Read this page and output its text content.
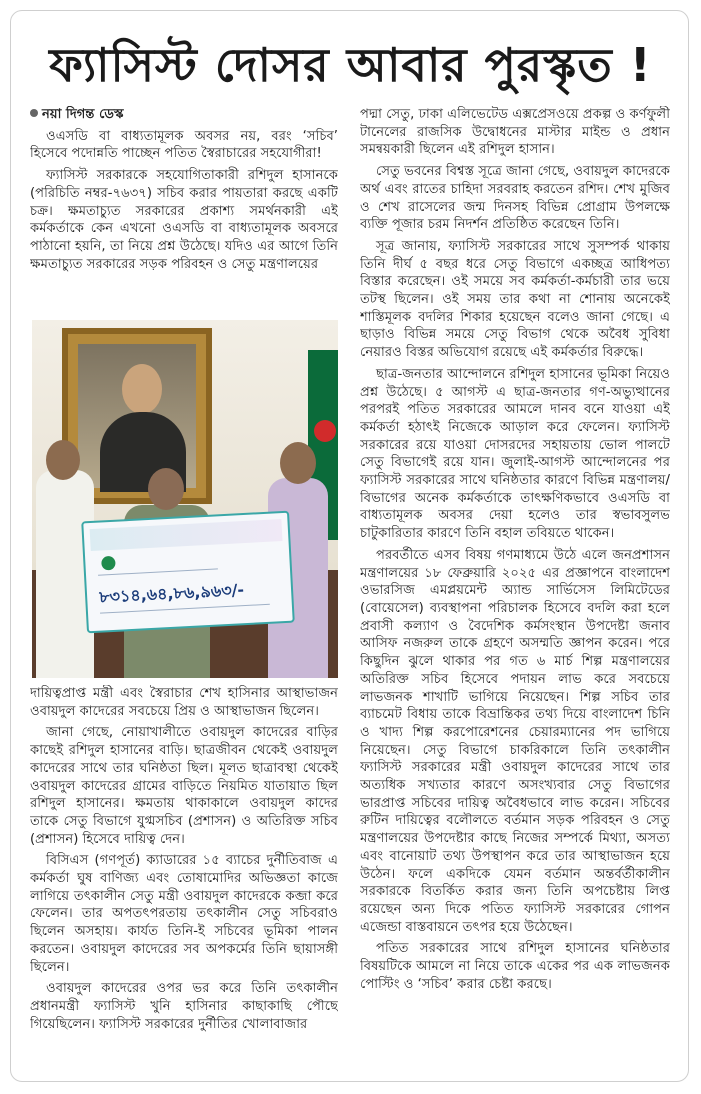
ফ্যাসিস্ট দোসর আবার পুরস্কৃত !
নয়া দিগন্ত ডেস্ক

ওএসডি বা বাধ্যতামূলক অবসর নয়, বরং ‘সচিব’ হিসেবে পদোন্নতি পাচ্ছেন পতিত স্বৈরাচারের সহযোগীরা!

ফ্যাসিস্ট সরকারকে সহযোগিতাকারী রশিদুল হাসানকে (পরিচিতি নম্বর-৭৬৩৭) সচিব করার পায়তারা করছে একটি চক্র। ক্ষমতাচ্যুত সরকারের প্রকাশ্য সমর্থনকারী এই কর্মকর্তাকে কেন এখনো ওএসডি বা বাধ্যতামূলক অবসরে পাঠানো হয়নি, তা নিয়ে প্রশ্ন উঠেছে। যদিও এর আগে তিনি ক্ষমতাচ্যুত সরকারের সড়ক পরিবহন ও সেতু মন্ত্রণালয়ের

৮৩১৪,৬৪,৮৬,৯৬৩/-

দায়িত্বপ্রাপ্ত মন্ত্রী এবং স্বৈরাচার শেখ হাসিনার আস্থাভাজন ওবায়দুল কাদেরের সবচেয়ে প্রিয় ও আস্থাভাজন ছিলেন।

জানা গেছে, নোয়াখালীতে ওবায়দুল কাদেরের বাড়ির কাছেই রশিদুল হাসানের বাড়ি। ছাত্রজীবন থেকেই ওবায়দুল কাদেরের সাথে তার ঘনিষ্ঠতা ছিল। মূলত ছাত্রাবস্থা থেকেই ওবায়দুল কাদেরের গ্রামের বাড়িতে নিয়মিত যাতায়াত ছিল রশিদুল হাসানের। ক্ষমতায় থাকাকালে ওবায়দুল কাদের তাকে সেতু বিভাগে যুগ্মসচিব (প্রশাসন) ও অতিরিক্ত সচিব (প্রশাসন) হিসেবে দায়িত্ব দেন।

বিসিএস (গণপূর্ত) ক্যাডারের ১৫ ব্যাচের দুর্নীতিবাজ এ কর্মকর্তা ঘুষ বাণিজ্য এবং তোষামোদির অভিজ্ঞতা কাজে লাগিয়ে তৎকালীন সেতু মন্ত্রী ওবায়দুল কাদেরকে কব্জা করে ফেলেন। তার অপতৎপরতায় তৎকালীন সেতু সচিবরাও ছিলেন অসহায়। কার্যত তিনি-ই সচিবের ভূমিকা পালন করতেন। ওবায়দুল কাদেরের সব অপকর্মের তিনি ছায়াসঙ্গী ছিলেন।

ওবায়দুল কাদেরের ওপর ভর করে তিনি তৎকালীন প্রধানমন্ত্রী ফ্যাসিস্ট খুনি হাসিনার কাছাকাছি পৌছে গিয়েছিলেন। ফ্যাসিস্ট সরকারের দুর্নীতির খোলাবাজার

পদ্মা সেতু, ঢাকা এলিভেটেড এক্সপ্রেসওয়ে প্রকল্প ও কর্ণফুলী টানেলের রাজসিক উদ্বোধনের মাস্টার মাইন্ড ও প্রধান সমন্বয়কারী ছিলেন এই রশিদুল হাসান।

সেতু ভবনের বিশ্বস্ত সূত্রে জানা গেছে, ওবায়দুল কাদেরকে অর্থ এবং রাতের চাহিদা সরবরাহ করতেন রশিদ। শেখ মুজিব ও শেখ রাসেলের জন্ম দিনসহ বিভিন্ন প্রোগ্রাম উপলক্ষে ব্যক্তি পূজার চরম নিদর্শন প্রতিষ্ঠিত করেছেন তিনি।

সূত্র জানায়, ফ্যাসিস্ট সরকারের সাথে সুসম্পর্ক থাকায় তিনি দীর্ঘ ৫ বছর ধরে সেতু বিভাগে একচ্ছত্র আধিপত্য বিস্তার করেছেন। ওই সময়ে সব কর্মকর্তা-কর্মচারী তার ভয়ে তটস্থ ছিলেন। ওই সময় তার কথা না শোনায় অনেকেই শাস্তিমূলক বদলির শিকার হয়েছেন বলেও জানা গেছে। এ ছাড়াও বিভিন্ন সময়ে সেতু বিভাগ থেকে অবৈধ সুবিধা নেয়ারও বিস্তর অভিযোগ রয়েছে এই কর্মকর্তার বিরুদ্ধে।

ছাত্র-জনতার আন্দোলনে রশিদুল হাসানের ভূমিকা নিয়েও প্রশ্ন উঠেছে। ৫ আগস্ট এ ছাত্র-জনতার গণ-অভ্যুত্থানের পরপরই পতিত সরকারের আমলে দানব বনে যাওয়া এই কর্মকর্তা হঠাৎই নিজেকে আড়াল করে ফেলেন। ফ্যাসিস্ট সরকারের রয়ে যাওয়া দোসরদের সহায়তায় ভোল পালটে সেতু বিভাগেই রয়ে যান। জুলাই-আগস্ট আন্দোলনের পর ফ্যাসিস্ট সরকারের সাথে ঘনিষ্ঠতার কারণে বিভিন্ন মন্ত্রণালয়/ বিভাগের অনেক কর্মকর্তাকে তাৎক্ষণিকভাবে ওএসডি বা বাধ্যতামূলক অবসর দেয়া হলেও তার স্বভাবসুলভ চাটুকারিতার কারণে তিনি বহাল তবিয়তে থাকেন।

পরবর্তীতে এসব বিষয় গণমাধ্যমে উঠে এলে জনপ্রশাসন মন্ত্রণালয়ের ১৮ ফেব্রুয়ারি ২০২৫ এর প্রজ্ঞাপনে বাংলাদেশ ওভারসিজ এমপ্লয়মেন্ট অ্যান্ড সার্ভিসেস লিমিটেডের (বোয়েসেল) ব্যবস্থাপনা পরিচালক হিসেবে বদলি করা হলে প্রবাসী কল্যাণ ও বৈদেশিক কর্মসংস্থান উপদেষ্টা জনাব আসিফ নজরুল তাকে গ্রহণে অসম্মতি জ্ঞাপন করেন। পরে কিছুদিন ঝুলে থাকার পর গত ৬ মার্চ শিল্প মন্ত্রণালয়ের অতিরিক্ত সচিব হিসেবে পদায়ন লাভ করে সবচেয়ে লাভজনক শাখাটি ভাগিয়ে নিয়েছেন। শিল্প সচিব তার ব্যাচমেট বিধায় তাকে বিভ্রান্তিকর তথ্য দিয়ে বাংলাদেশ চিনি ও খাদ্য শিল্প করপোরেশনের চেয়ারম্যানের পদ ভাগিয়ে নিয়েছেন। সেতু বিভাগে চাকরিকালে তিনি তৎকালীন ফ্যাসিস্ট সরকারের মন্ত্রী ওবায়দুল কাদেরের সাথে তার অত্যধিক সখ্যতার কারণে অসংখ্যবার সেতু বিভাগের ভারপ্রাপ্ত সচিবের দায়িত্ব অবৈধভাবে লাভ করেন। সচিবের রুটিন দায়িত্বের বলৌলতে বর্তমান সড়ক পরিবহন ও সেতু মন্ত্রণালয়ের উপদেষ্টার কাছে নিজের সম্পর্কে মিথ্যা, অসত্য এবং বানোয়াট তথ্য উপস্থাপন করে তার আস্থাভাজন হয়ে উঠেন। ফলে একদিকে যেমন বর্তমান অন্তর্বর্তীকালীন সরকারকে বিতর্কিত করার জন্য তিনি অপচেষ্টায় লিপ্ত রয়েছেন অন্য দিকে পতিত ফ্যাসিস্ট সরকারের গোপন এজেন্ডা বাস্তবায়নে তৎপর হয়ে উঠেছেন।

পতিত সরকারের সাথে রশিদুল হাসানের ঘনিষ্ঠতার বিষয়টিকে আমলে না নিয়ে তাকে একের পর এক লাভজনক পোস্টিং ও ‘সচিব’ করার চেষ্টা করছে।
